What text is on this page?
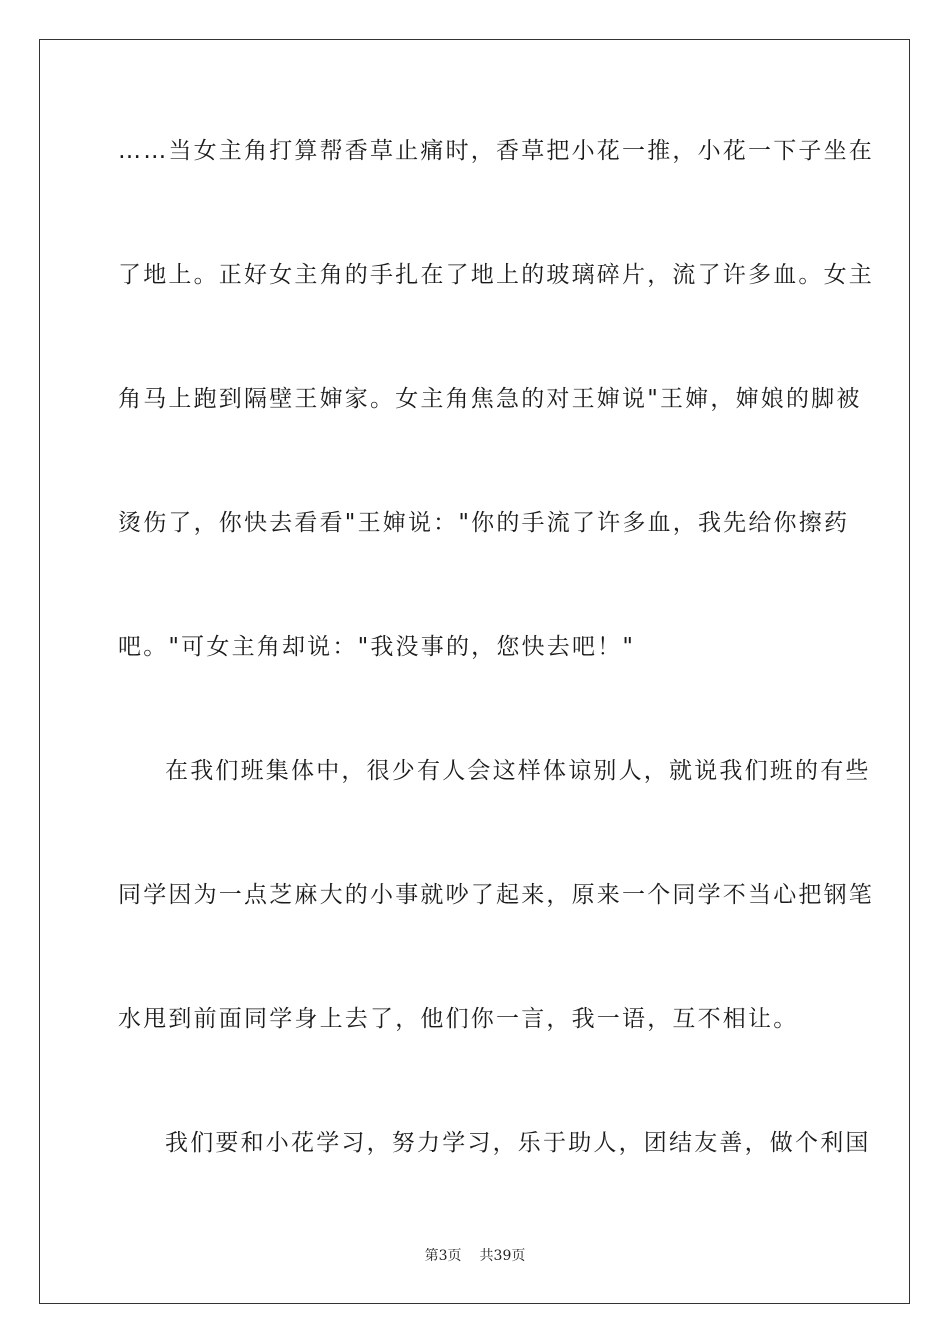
……当女主角打算帮香草止痛时，香草把小花一推，小花一下子坐在
了地上。正好女主角的手扎在了地上的玻璃碎片，流了许多血。女主
角马上跑到隔壁王婶家。女主角焦急的对王婶说"王婶，婶娘的脚被
烫伤了，你快去看看"王婶说："你的手流了许多血，我先给你擦药
吧。"可女主角却说："我没事的，您快去吧！"
在我们班集体中，很少有人会这样体谅别人，就说我们班的有些
同学因为一点芝麻大的小事就吵了起来，原来一个同学不当心把钢笔
水甩到前面同学身上去了，他们你一言，我一语，互不相让。
我们要和小花学习，努力学习，乐于助人，团结友善，做个利国
第3页 共39页
